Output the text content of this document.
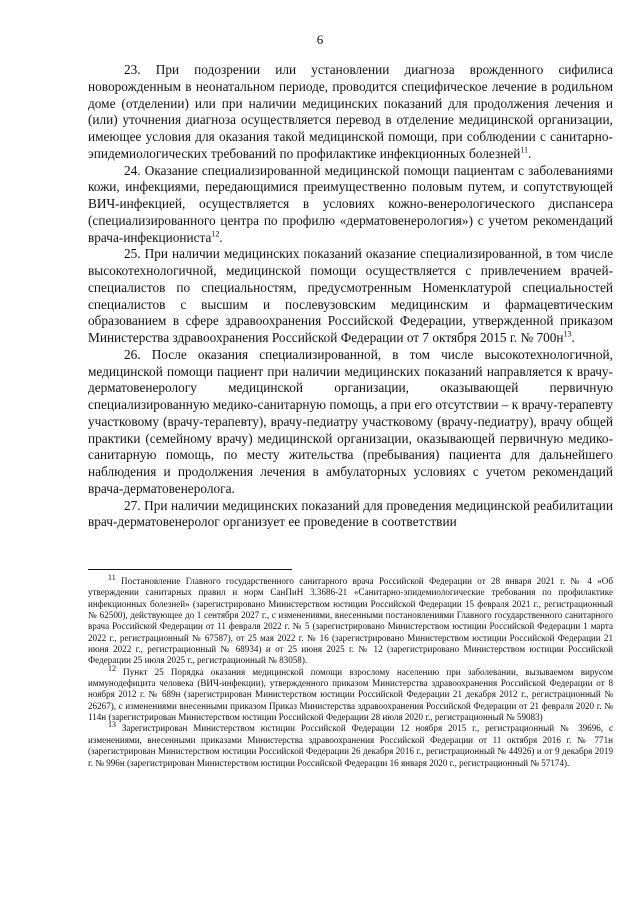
6

23. При подозрении или установлении диагноза врожденного сифилиса новорожденным в неонатальном периоде, проводится специфическое лечение в родильном доме (отделении) или при наличии медицинских показаний для продолжения лечения и (или) уточнения диагноза осуществляется перевод в отделение медицинской организации, имеющее условия для оказания такой медицинской помощи, при соблюдении с санитарно-эпидемиологических требований по профилактике инфекционных болезней$^{11}$.

24. Оказание специализированной медицинской помощи пациентам с заболеваниями кожи, инфекциями, передающимися преимущественно половым путем, и сопутствующей ВИЧ-инфекцией, осуществляется в условиях кожно-венерологического диспансера (специализированного центра по профилю «дерматовенерология») с учетом рекомендаций врача-инфекциониста$^{12}$.

25. При наличии медицинских показаний оказание специализированной, в том числе высокотехнологичной, медицинской помощи осуществляется с привлечением врачей-специалистов по специальностям, предусмотренным Номенклатурой специальностей специалистов с высшим и послевузовским медицинским и фармацевтическим образованием в сфере здравоохранения Российской Федерации, утвержденной приказом Министерства здравоохранения Российской Федерации от 7 октября 2015 г. № $700н^{13}$.

26. После оказания специализированной, в том числе высокотехнологичной, медицинской помощи пациент при наличии медицинских показаний направляется к врачу-дерматовенерологу медицинской организации, оказывающей первичную специализированную медико-санитарную помощь, а при его отсутствии – к врачу-терапевту участковому (врачу-терапевту), врачу-педиатру участковому (врачу-педиатру), врачу общей практики (семейному врачу) медицинской организации, оказывающей первичную медико-санитарную помощь, по месту жительства (пребывания) пациента для дальнейшего наблюдения и продолжения лечения в амбулаторных условиях с учетом рекомендаций врача-дерматовенеролога.

27. При наличии медицинских показаний для проведения медицинской реабилитации врач-дерматовенеролог организует ее проведение в соответствии

$^{11}$ Постановление Главного государственного санитарного врача Российской Федерации от 28 января 2021 г. № 4 «Об утверждении санитарных правил и норм СанПиН 3.3686-21 «Санитарно-эпидемиологические требования по профилактике инфекционных болезней» (зарегистрировано Министерством юстиции Российской Федерации 15 февраля 2021 г., регистрационный № 62500), действующее до 1 сентября 2027 г., с изменениями, внесенными постановлениями Главного государственного санитарного врача Российской Федерации от 11 февраля 2022 г. № 5 (зарегистрировано Министерством юстиции Российской Федерации 1 марта 2022 г., регистрационный № 67587), от 25 мая 2022 г. № 16 (зарегистрировано Министерством юстиции Российской Федерации 21 июня 2022 г., регистрационный № 68934) и от 25 июня 2025 г. № 12 (зарегистрировано Министерством юстиции Российской Федерации 25 июля 2025 г., регистрационный № 83058).

$^{12}$ Пункт 25 Порядка оказания медицинской помощи взрослому населению при заболевании, вызываемом вирусом иммунодефицита человека (ВИЧ-инфекции), утвержденного приказом Министерства здравоохранения Российской Федерации от 8 ноября 2012 г. № 689н (зарегистрирован Министерством юстиции Российской Федерации 21 декабря 2012 г., регистрационный № 26267), с изменениями внесенными приказом Приказ Министерства здравоохранения Российской Федерации от 21 февраля 2020 г. № 114н (зарегистрирован Министерством юстиции Российской Федерации 28 июля 2020 г., регистрационный № 59083)

$^{13}$ Зарегистрирован Министерством юстиции Российской Федерации 12 ноября 2015 г., регистрационный № 39696, с изменениями, внесенными приказами Министерства здравоохранения Российской Федерации от 11 октября 2016 г. № 771н (зарегистрирован Министерством юстиции Российской Федерации 26 декабря 2016 г., регистрационный № 44926) и от 9 декабря 2019 г. № 996н (зарегистрирован Министерством юстиции Российской Федерации 16 января 2020 г., регистрационный № 57174).
